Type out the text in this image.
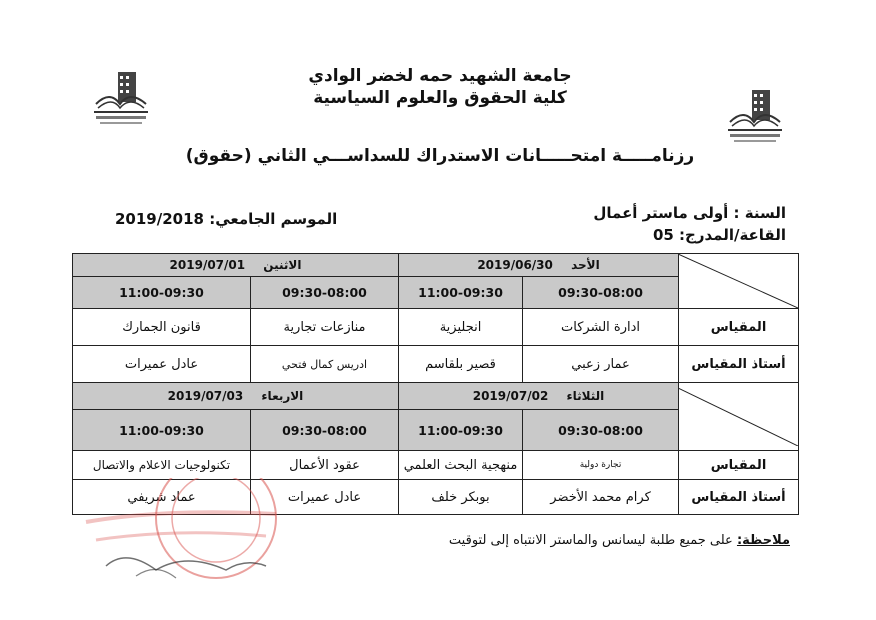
جامعة الشهيد حمه لخضر الوادي
كلية الحقوق والعلوم السياسية
رزنامـــــة امتحـــــانات الاستدراك للسداســـي الثاني (حقوق)
السنة : أولى ماستر أعمال
القاعة/المدرج: 05
الموسم الجامعي: 2019/2018
	الأحد 2019/06/30		الاثنين 2019/07/01	
	09:30-08:00	11:00-09:30	09:30-08:00	11:00-09:30
المقياس	ادارة الشركات	انجليزية	منازعات تجارية	قانون الجمارك
أستاذ المقياس	عمار زعبي	قصير بلقاسم	ادريس كمال فتحي	عادل عميرات

	الثلاثاء 2019/07/02		الاربعاء 2019/07/03	
	09:30-08:00	11:00-09:30	09:30-08:00	11:00-09:30
المقياس	تجارة دولية	منهجية البحث العلمي	عقود الأعمال	تكنولوجيات الاعلام والاتصال
أستاذ المقياس	كرام محمد الأخضر	بوبكر خلف	عادل عميرات	عماد شريفي
ملاحظة: على جميع طلبة ليسانس والماستر الانتباه إلى لتوقيت
